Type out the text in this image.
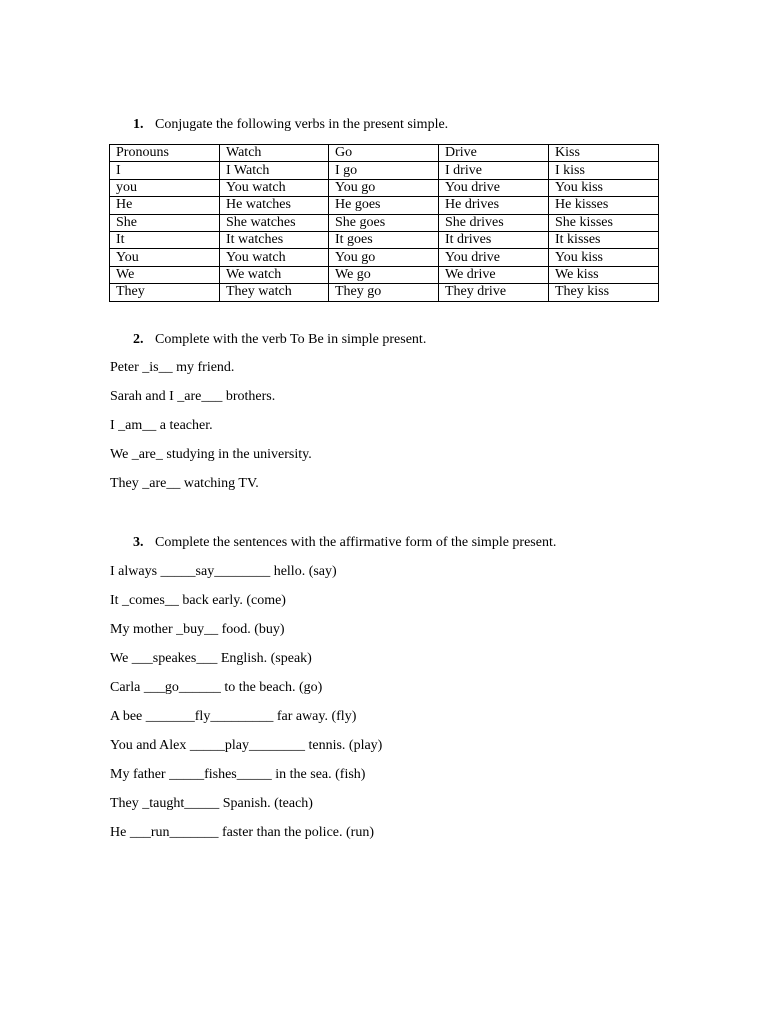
1. Conjugate the following verbs in the present simple.
Pronouns	Watch	Go	Drive	Kiss
I	I Watch	I go	I drive	I kiss
you	You watch	You go	You drive	You kiss
He	He watches	He goes	He drives	He kisses
She	She watches	She goes	She drives	She kisses
It	It watches	It goes	It drives	It kisses
You	You watch	You go	You drive	You kiss
We	We watch	We go	We drive	We kiss
They	They watch	They go	They drive	They kiss
2. Complete with the verb To Be in simple present.
Peter _is__ my friend.
Sarah and I _are___ brothers.
I _am__ a teacher.
We _are_ studying in the university.
They _are__ watching TV.
3. Complete the sentences with the affirmative form of the simple present.
I always _____say________ hello. (say)
It _comes__ back early. (come)
My mother _buy__ food. (buy)
We ___speakes___ English. (speak)
Carla ___go______ to the beach. (go)
A bee _______fly_________ far away. (fly)
You and Alex _____play________ tennis. (play)
My father _____fishes_____ in the sea. (fish)
They _taught_____ Spanish. (teach)
He ___run_______ faster than the police. (run)
